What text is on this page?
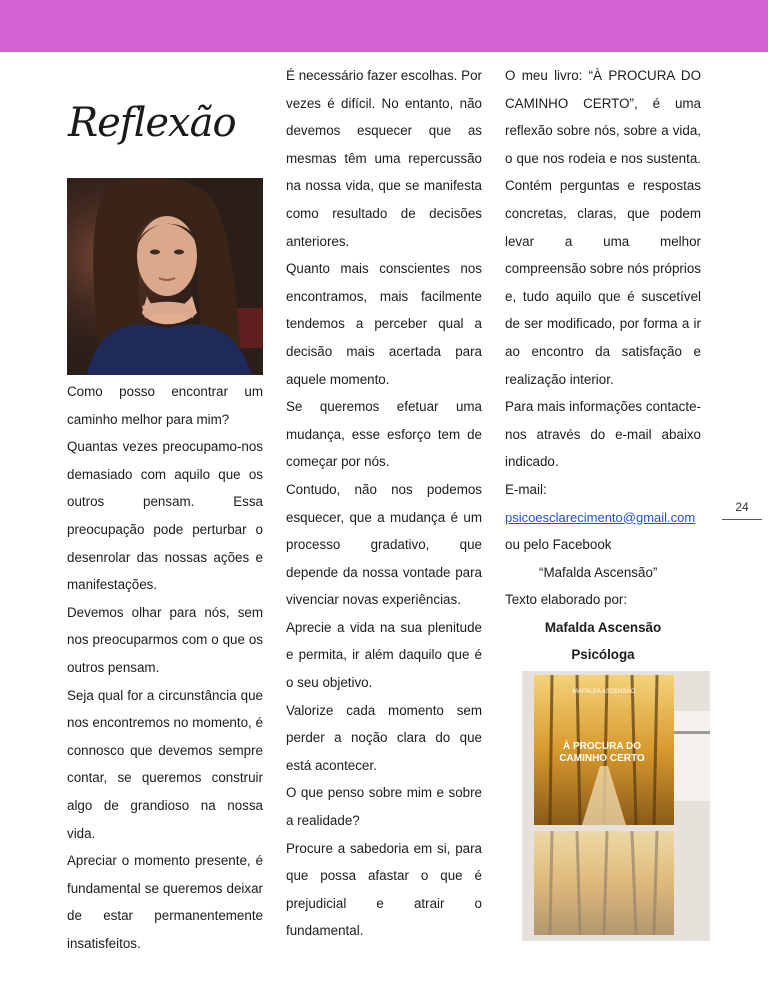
Reflexão

Como posso encontrar um caminho melhor para mim?

Quantas vezes preocupamo-nos demasiado com aquilo que os outros pensam. Essa preocupação pode perturbar o desenrolar das nossas ações e manifestações.

Devemos olhar para nós, sem nos preocuparmos com o que os outros pensam.

Seja qual for a circunstância que nos encontremos no momento, é connosco que devemos sempre contar, se queremos construir algo de grandioso na nossa vida.

Apreciar o momento presente, é fundamental se queremos deixar de estar permanentemente insatisfeitos.

É necessário fazer escolhas. Por vezes é difícil. No entanto, não devemos esquecer que as mesmas têm uma repercussão na nossa vida, que se manifesta como resultado de decisões anteriores.

Quanto mais conscientes nos encontramos, mais facilmente tendemos a perceber qual a decisão mais acertada para aquele momento.

Se queremos efetuar uma mudança, esse esforço tem de começar por nós.

Contudo, não nos podemos esquecer, que a mudança é um processo gradativo, que depende da nossa vontade para vivenciar novas experiências.

Aprecie a vida na sua plenitude e permita, ir além daquilo que é o seu objetivo.

Valorize cada momento sem perder a noção clara do que está acontecer.

O que penso sobre mim e sobre a realidade?

Procure a sabedoria em si, para que possa afastar o que é prejudicial e atrair o fundamental.

O meu livro: “À PROCURA DO CAMINHO CERTO”, é uma reflexão sobre nós, sobre a vida, o que nos rodeia e nos sustenta. Contém perguntas e respostas concretas, claras, que podem levar a uma melhor compreensão sobre nós próprios e, tudo aquilo que é suscetível de ser modificado, por forma a ir ao encontro da satisfação e realização interior.

Para mais informações contacte-nos através do e-mail abaixo indicado.

E-mail:

psicoesclarecimento@gmail.com

ou pelo Facebook

“Mafalda Ascensão”

Texto elaborado por:

Mafalda Ascensão

Psicóloga

24
MAFALDA ASCENSÃO
À PROCURA DO
CAMINHO CERTO
